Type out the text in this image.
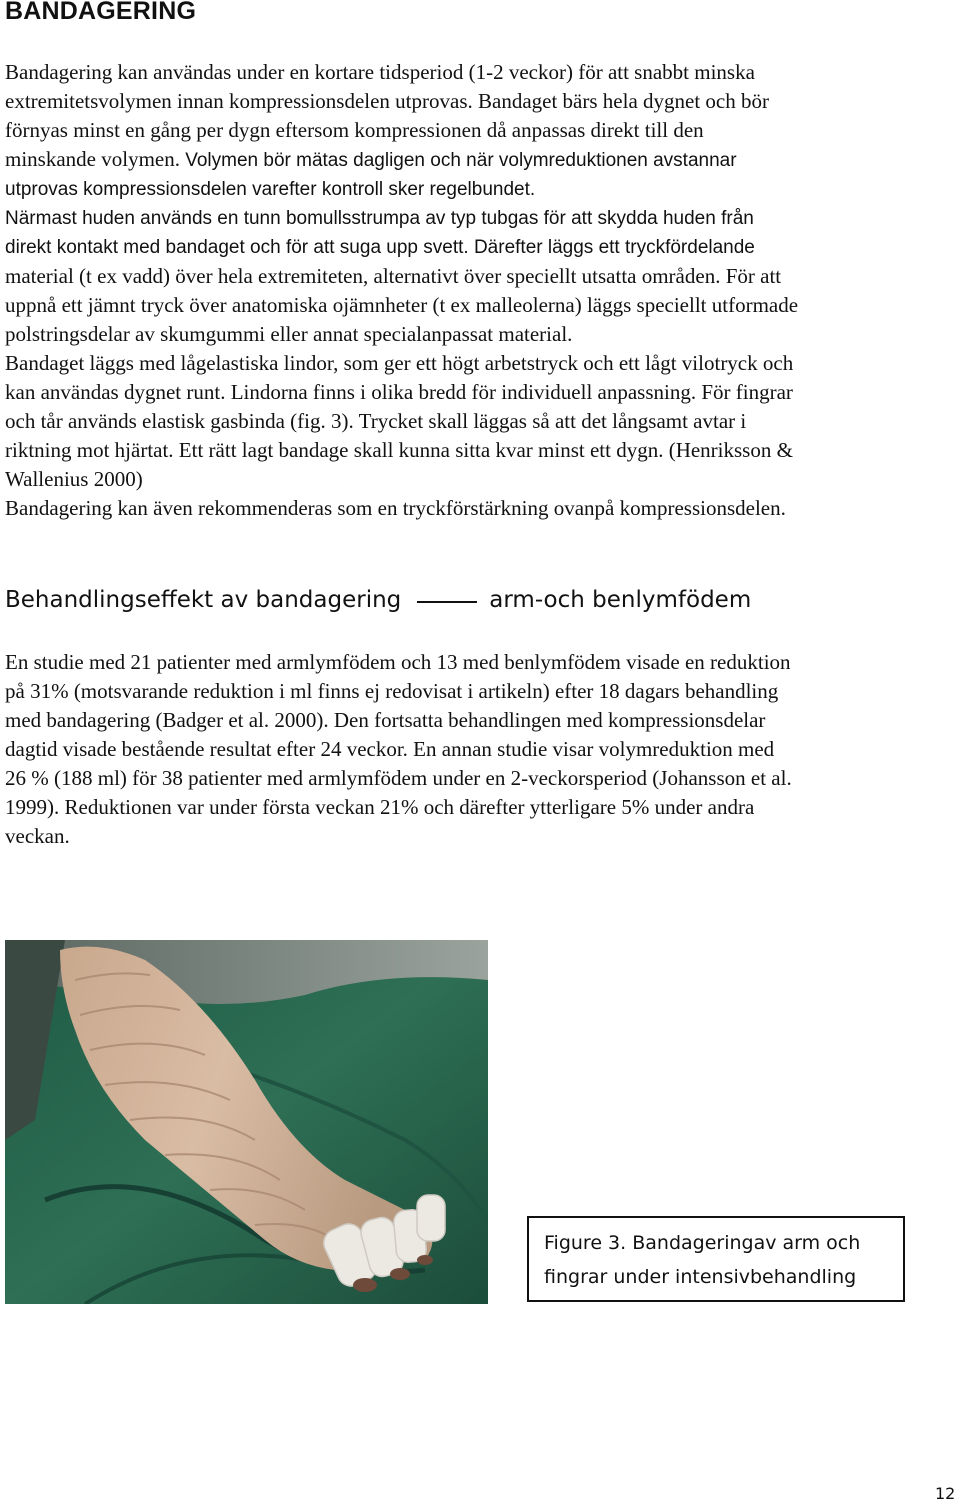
BANDAGERING
Bandagering kan användas under en kortare tidsperiod (1-2 veckor) för att snabbt minska
extremitetsvolymen innan kompressionsdelen utprovas. Bandaget bärs hela dygnet och bör
förnyas minst en gång per dygn eftersom kompressionen då anpassas direkt till den
minskande volymen. Volymen bör mätas dagligen och när volymreduktionen avstannar
utprovas kompressionsdelen varefter kontroll sker regelbundet.
Närmast huden används en tunn bomullsstrumpa av typ tubgas för att skydda huden från
direkt kontakt med bandaget och för att suga upp svett. Därefter läggs ett tryckfördelande
material (t ex vadd) över hela extremiteten, alternativt över speciellt utsatta områden. För att
uppnå ett jämnt tryck över anatomiska ojämnheter (t ex malleolerna) läggs speciellt utformade
polstringsdelar av skumgummi eller annat specialanpassat material.
Bandaget läggs med lågelastiska lindor, som ger ett högt arbetstryck och ett lågt vilotryck och
kan användas dygnet runt. Lindorna finns i olika bredd för individuell anpassning. För fingrar
och tår används elastisk gasbinda (fig. 3). Trycket skall läggas så att det långsamt avtar i
riktning mot hjärtat. Ett rätt lagt bandage skall kunna sitta kvar minst ett dygn. (Henriksson &
Wallenius 2000)
Bandagering kan även rekommenderas som en tryckförstärkning ovanpå kompressionsdelen.
Behandlingseffekt av bandagering	arm-och benlymfödem
En studie med 21 patienter med armlymfödem och 13 med benlymfödem visade en reduktion
på 31% (motsvarande reduktion i ml finns ej redovisat i artikeln) efter 18 dagars behandling
med bandagering (Badger et al. 2000). Den fortsatta behandlingen med kompressionsdelar
dagtid visade bestående resultat efter 24 veckor. En annan studie visar volymreduktion med
26 % (188 ml) för 38 patienter med armlymfödem under en 2-veckorsperiod (Johansson et al.
1999). Reduktionen var under första veckan 21% och därefter ytterligare 5% under andra
veckan.
Figure 3. Bandageringav arm och
fingrar under intensivbehandling
12
